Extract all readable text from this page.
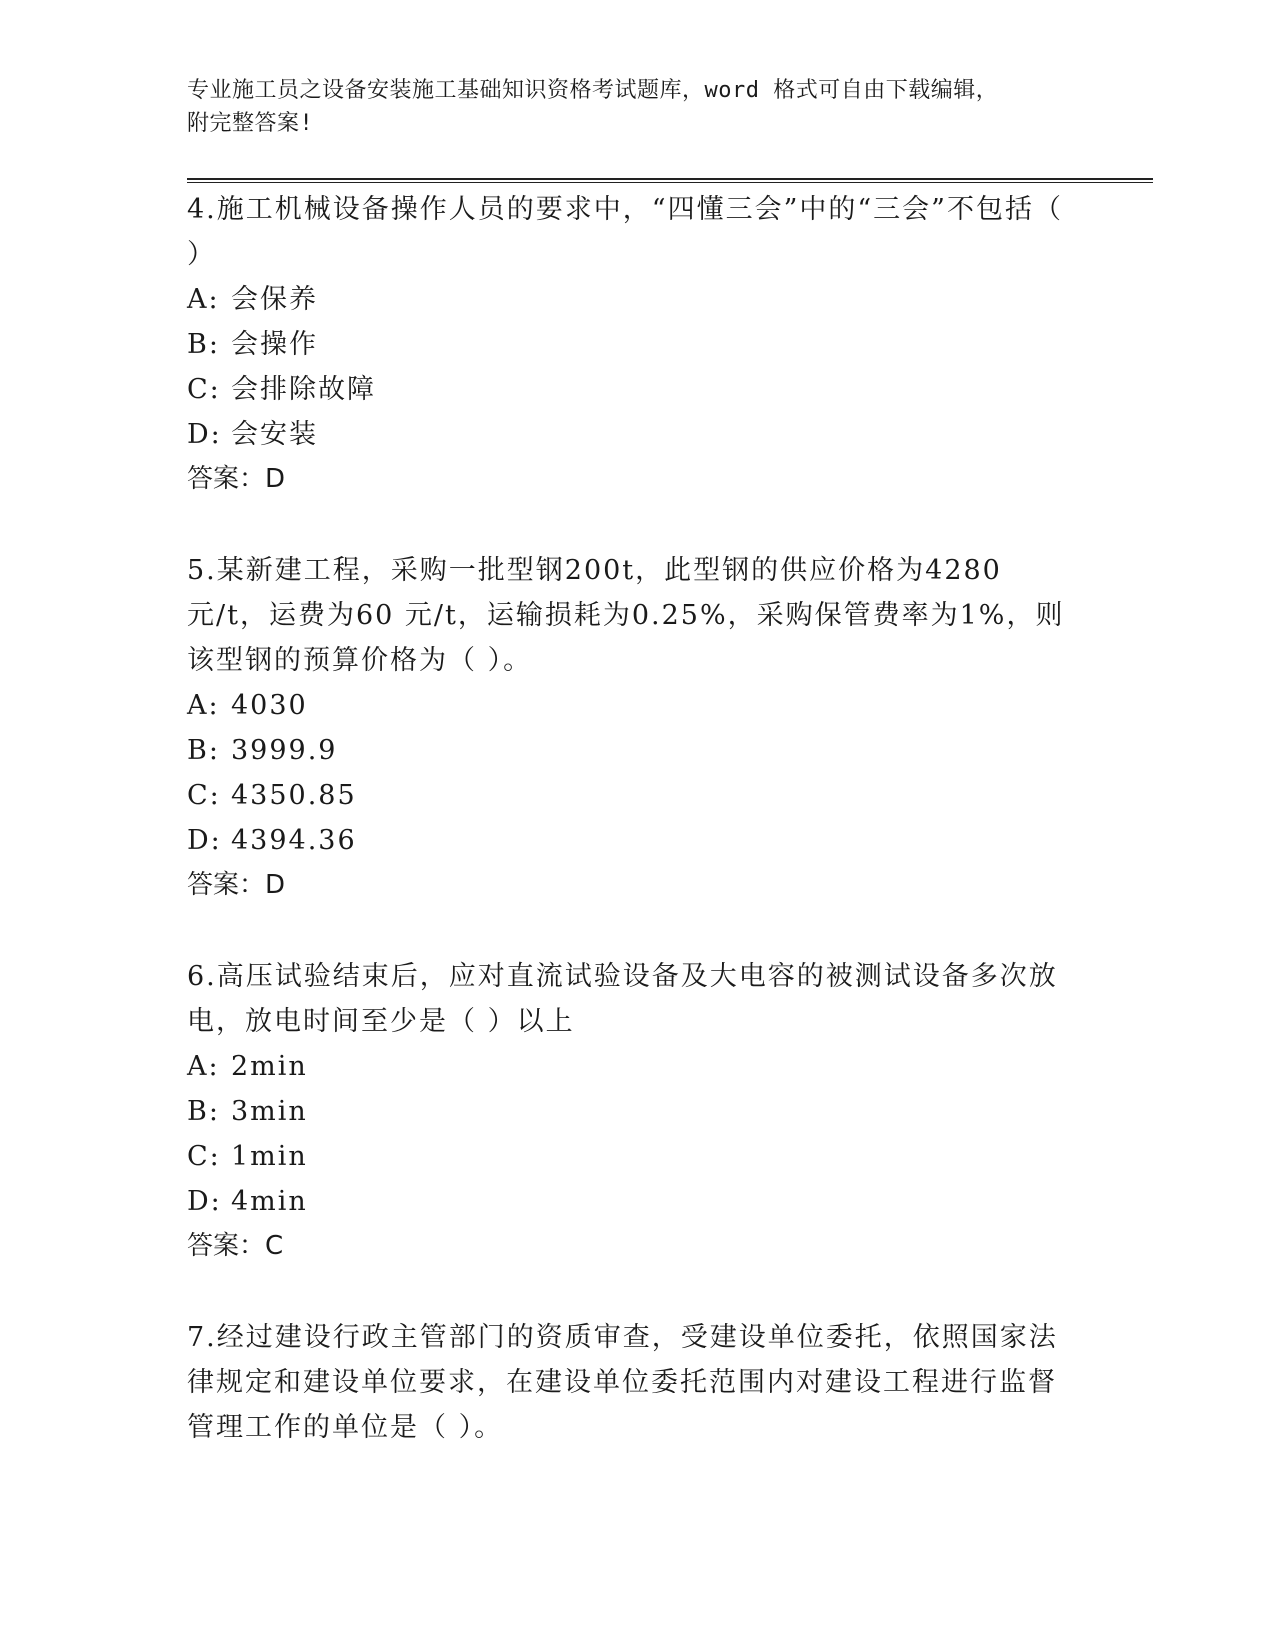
专业施工员之设备安装施工基础知识资格考试题库，word 格式可自由下载编辑，
附完整答案!

4.施工机械设备操作人员的要求中，“四懂三会”中的“三会”不包括（ ）

A: 会保养

B: 会操作

C: 会排除故障

D: 会安装

答案：D

5.某新建工程，采购一批型钢200t，此型钢的供应价格为4280 元/t，运费为60 元/t，运输损耗为0.25%，采购保管费率为1%，则该型钢的预算价格为（ ）。

A: 4030

B: 3999.9

C: 4350.85

D: 4394.36

答案：D

6.高压试验结束后，应对直流试验设备及大电容的被测试设备多次放电，放电时间至少是（ ）以上

A: 2min

B: 3min

C: 1min

D: 4min

答案：C

7.经过建设行政主管部门的资质审查，受建设单位委托，依照国家法律规定和建设单位要求，在建设单位委托范围内对建设工程进行监督管理工作的单位是（ ）。
